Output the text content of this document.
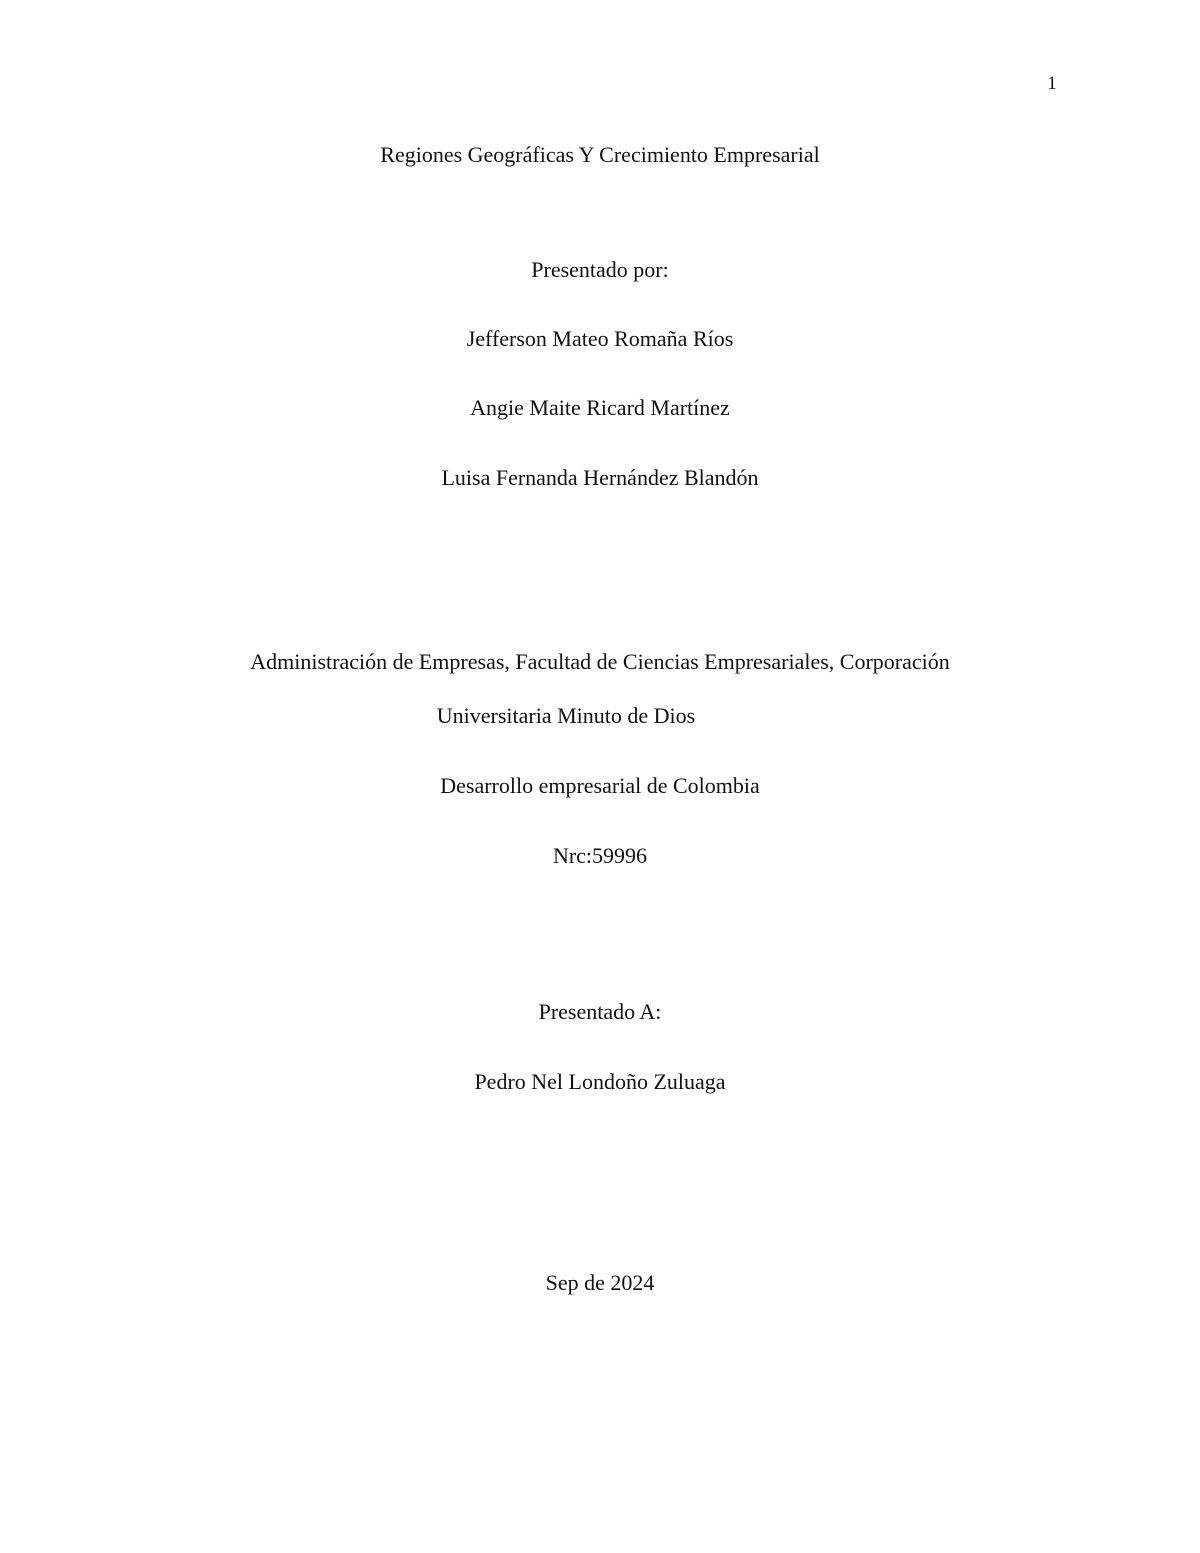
1
Regiones Geográficas Y Crecimiento Empresarial
Presentado por:
Jefferson Mateo Romaña Ríos
Angie Maite Ricard Martínez
Luisa Fernanda Hernández Blandón
Administración de Empresas, Facultad de Ciencias Empresariales, Corporación
Universitaria Minuto de Dios
Desarrollo empresarial de Colombia
Nrc:59996
Presentado A:
Pedro Nel Londoño Zuluaga
Sep de 2024
